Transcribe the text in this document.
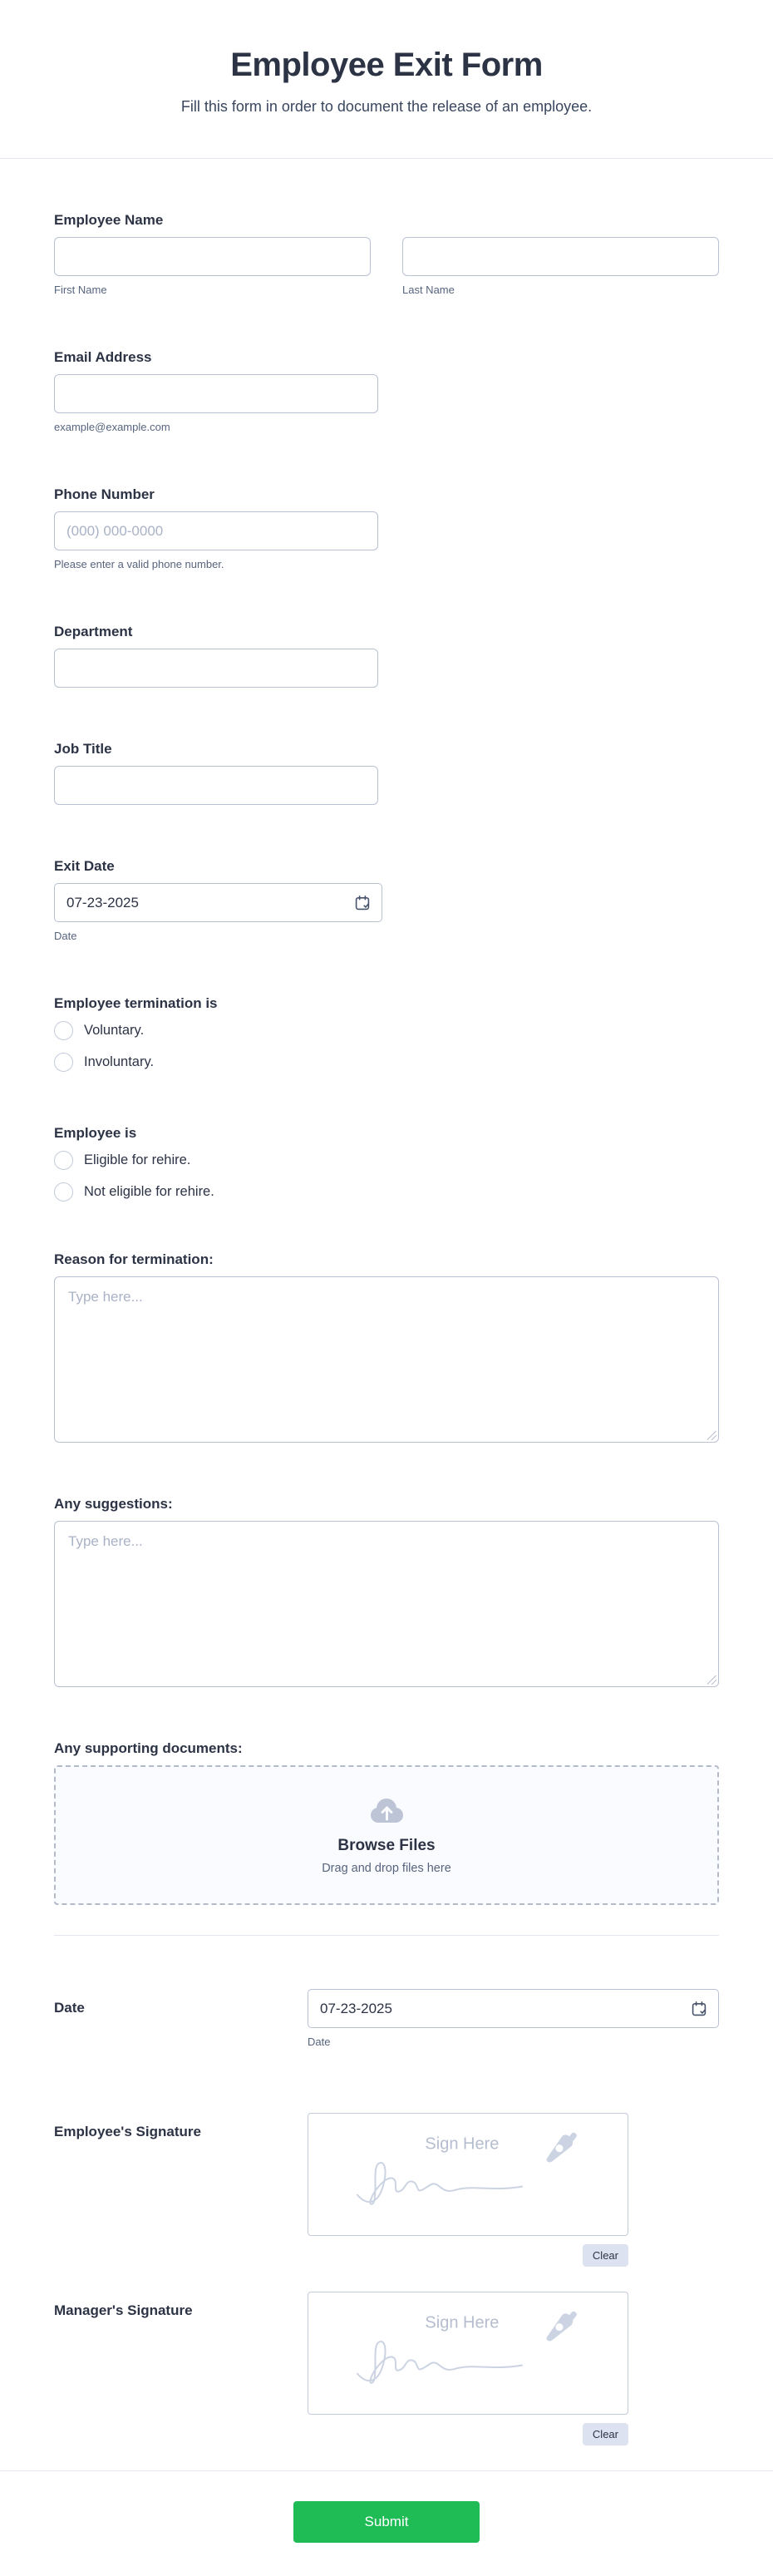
Employee Exit Form
Fill this form in order to document the release of an employee.
Employee Name
First Name	Last Name
Email Address
example@example.com
Phone Number
(000) 000-0000
Please enter a valid phone number.
Department
Job Title
Exit Date
07-23-2025
Date
Employee termination is
Voluntary.
Involuntary.
Employee is
Eligible for rehire.
Not eligible for rehire.
Reason for termination:
Type here...
Any suggestions:
Type here...
Any supporting documents:
Browse Files
Drag and drop files here
Date
07-23-2025
Date
Employee's Signature
Sign Here
Clear
Manager's Signature
Sign Here
Clear
Submit
